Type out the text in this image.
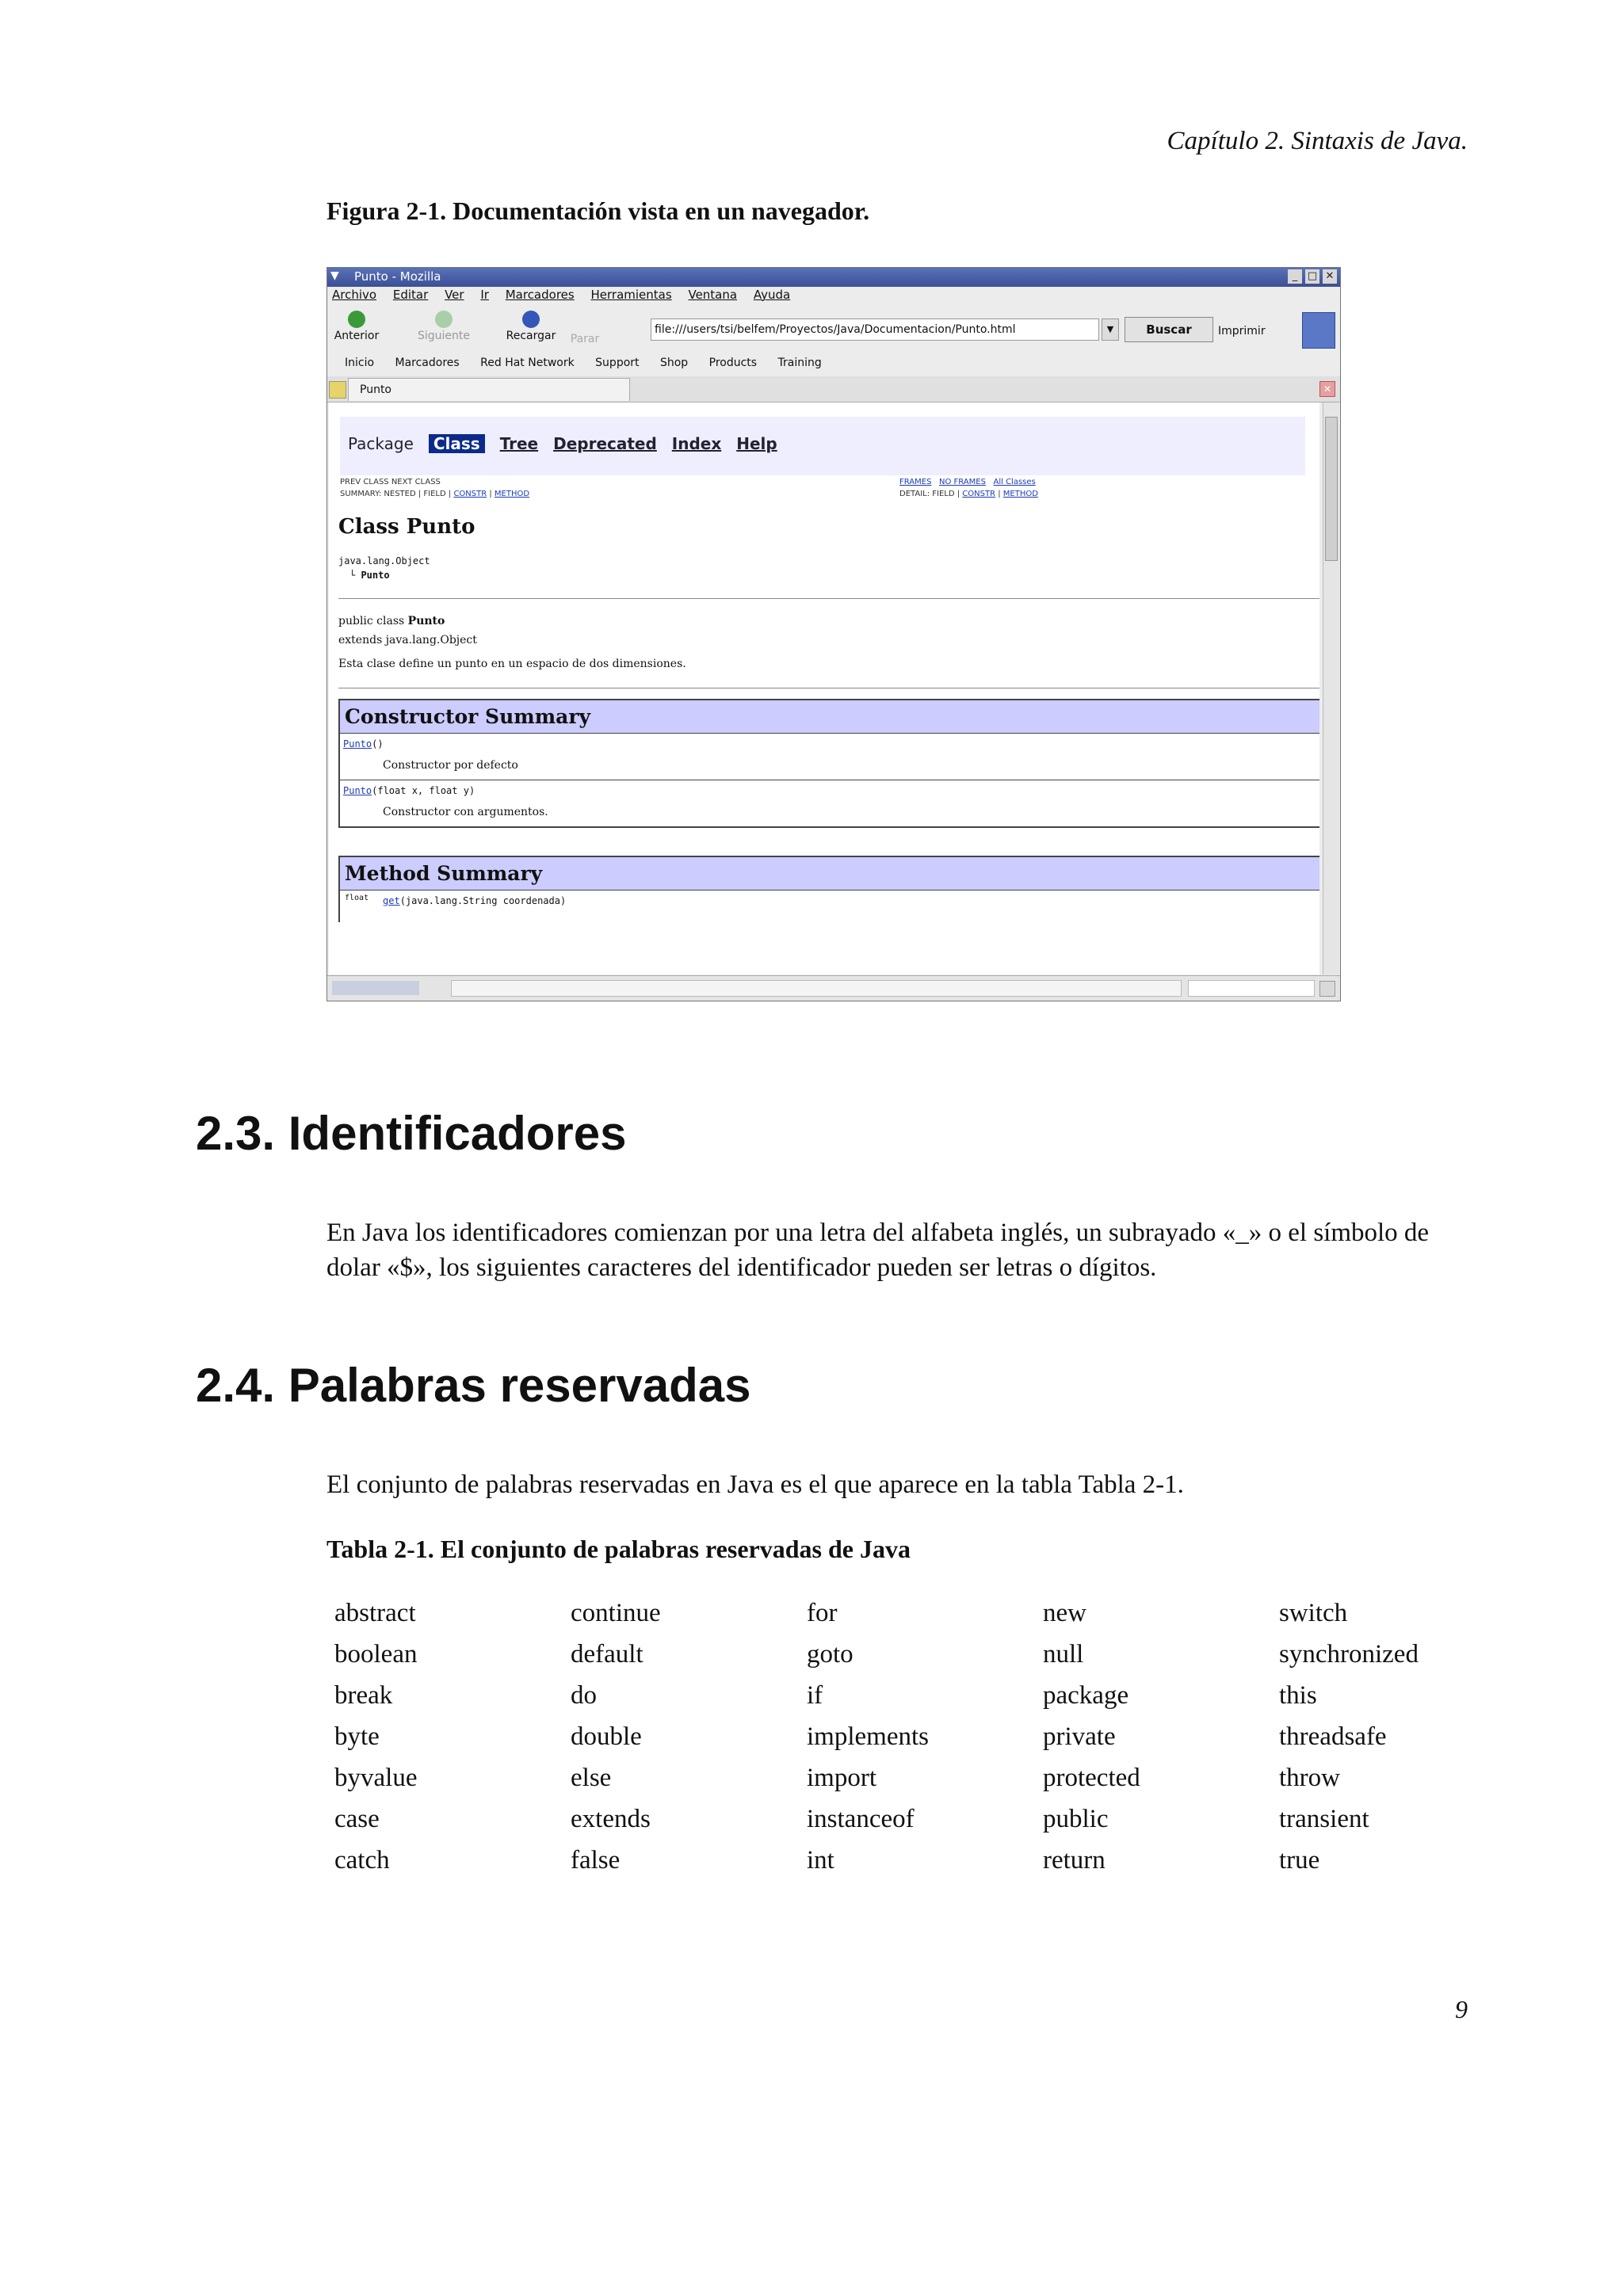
Capítulo 2. Sintaxis de Java.
Figura 2-1. Documentación vista en un navegador.
▼ Punto - Mozilla	_ □ ✕
Archivo Editar Ver Ir Marcadores Herramientas Ventana Ayuda
Anterior	Siguiente	Recargar	Parar
file:///users/tsi/belfem/Proyectos/Java/Documentacion/Punto.html	▼	Buscar	Imprimir
Inicio Marcadores Red Hat Network Support Shop Products Training
Punto	✕
Package Class Tree Deprecated Index Help
PREV CLASS NEXT CLASS
SUMMARY: NESTED | FIELD | CONSTR | METHOD
FRAMES NO FRAMES All Classes
DETAIL: FIELD | CONSTR | METHOD
Class Punto
java.lang.Object
└ Punto
public class Punto
extends java.lang.Object
Esta clase define un punto en un espacio de dos dimensiones.
Constructor Summary
Punto()
Constructor por defecto
Punto(float x, float y)
Constructor con argumentos.
Method Summary
float get(java.lang.String coordenada)
2.3. Identificadores
En Java los identificadores comienzan por una letra del alfabeta inglés, un subrayado «_» o el símbolo de dolar «$», los siguientes caracteres del identificador pueden ser letras o dígitos.
2.4. Palabras reservadas
El conjunto de palabras reservadas en Java es el que aparece en la tabla Tabla 2-1.
Tabla 2-1. El conjunto de palabras reservadas de Java
abstract	continue	for	new	switch
boolean	default	goto	null	synchronized
break	do	if	package	this
byte	double	implements	private	threadsafe
byvalue	else	import	protected	throw
case	extends	instanceof	public	transient
catch	false	int	return	true
9
